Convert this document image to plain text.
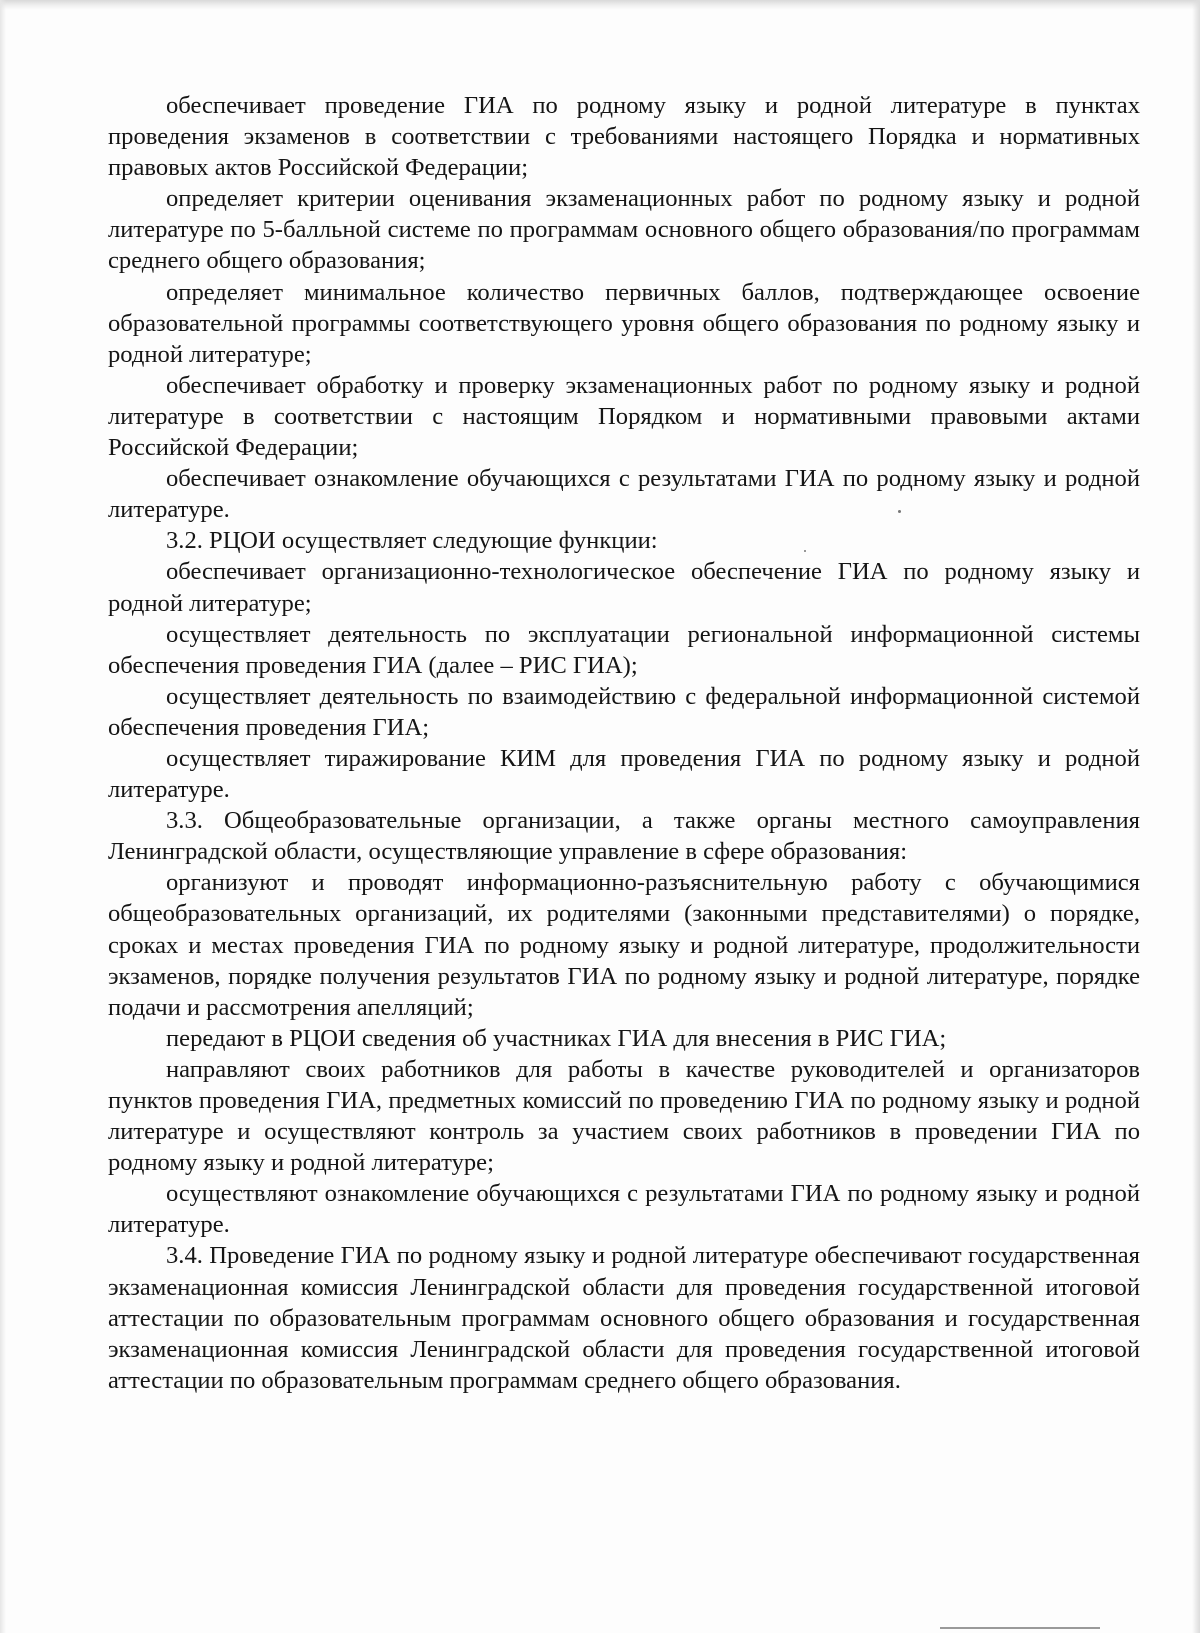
обеспечивает проведение ГИА по родному языку и родной литературе в пунктах проведения экзаменов в соответствии с требованиями настоящего Порядка и нормативных правовых актов Российской Федерации;

определяет критерии оценивания экзаменационных работ по родному языку и родной литературе по 5-балльной системе по программам основного общего образования/по программам среднего общего образования;

определяет минимальное количество первичных баллов, подтверждающее освоение образовательной программы соответствующего уровня общего образования по родному языку и родной литературе;

обеспечивает обработку и проверку экзаменационных работ по родному языку и родной литературе в соответствии с настоящим Порядком и нормативными правовыми актами Российской Федерации;

обеспечивает ознакомление обучающихся с результатами ГИА по родному языку и родной литературе.

3.2. РЦОИ осуществляет следующие функции:

обеспечивает организационно-технологическое обеспечение ГИА по родному языку и родной литературе;

осуществляет деятельность по эксплуатации региональной информационной системы обеспечения проведения ГИА (далее – РИС ГИА);

осуществляет деятельность по взаимодействию с федеральной информационной системой обеспечения проведения ГИА;

осуществляет тиражирование КИМ для проведения ГИА по родному языку и родной литературе.

3.3. Общеобразовательные организации, а также органы местного самоуправления Ленинградской области, осуществляющие управление в сфере образования:

организуют и проводят информационно-разъяснительную работу с обучающимися общеобразовательных организаций, их родителями (законными представителями) о порядке, сроках и местах проведения ГИА по родному языку и родной литературе, продолжительности экзаменов, порядке получения результатов ГИА по родному языку и родной литературе, порядке подачи и рассмотрения апелляций;

передают в РЦОИ сведения об участниках ГИА для внесения в РИС ГИА;

направляют своих работников для работы в качестве руководителей и организаторов пунктов проведения ГИА, предметных комиссий по проведению ГИА по родному языку и родной литературе и осуществляют контроль за участием своих работников в проведении ГИА по родному языку и родной литературе;

осуществляют ознакомление обучающихся с результатами ГИА по родному языку и родной литературе.

3.4. Проведение ГИА по родному языку и родной литературе обеспечивают государственная экзаменационная комиссия Ленинградской области для проведения государственной итоговой аттестации по образовательным программам основного общего образования и государственная экзаменационная комиссия Ленинградской области для проведения государственной итоговой аттестации по образовательным программам среднего общего образования.
